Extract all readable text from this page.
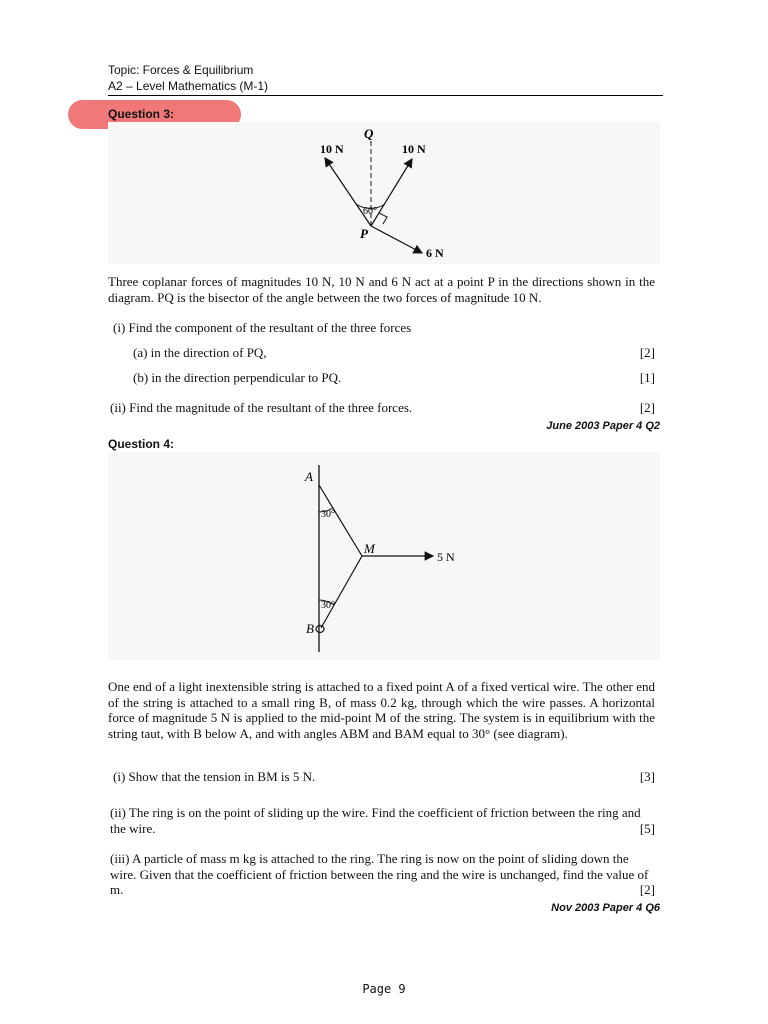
Topic: Forces & Equilibrium
A2 – Level Mathematics (M-1)
Question 3:
Q
10 N	10 N
60°
P
6 N
Three coplanar forces of magnitudes 10 N, 10 N and 6 N act at a point P in the directions shown in the diagram. PQ is the bisector of the angle between the two forces of magnitude 10 N.
(i) Find the component of the resultant of the three forces
(a) in the direction of PQ,	[2]
(b) in the direction perpendicular to PQ.	[1]
(ii) Find the magnitude of the resultant of the three forces.	[2]
June 2003 Paper 4 Q2
Question 4:
A
30°
M
5 N
30°
B
One end of a light inextensible string is attached to a fixed point A of a fixed vertical wire. The other end of the string is attached to a small ring B, of mass 0.2 kg, through which the wire passes. A horizontal force of magnitude 5 N is applied to the mid-point M of the string. The system is in equilibrium with the string taut, with B below A, and with angles ABM and BAM equal to 30° (see diagram).
(i) Show that the tension in BM is 5 N.	[3]
(ii) The ring is on the point of sliding up the wire. Find the coefficient of friction between the ring and the wire.	[5]
(iii) A particle of mass m kg is attached to the ring. The ring is now on the point of sliding down the wire. Given that the coefficient of friction between the ring and the wire is unchanged, find the value of m.	[2]
Nov 2003 Paper 4 Q6
Page 9
